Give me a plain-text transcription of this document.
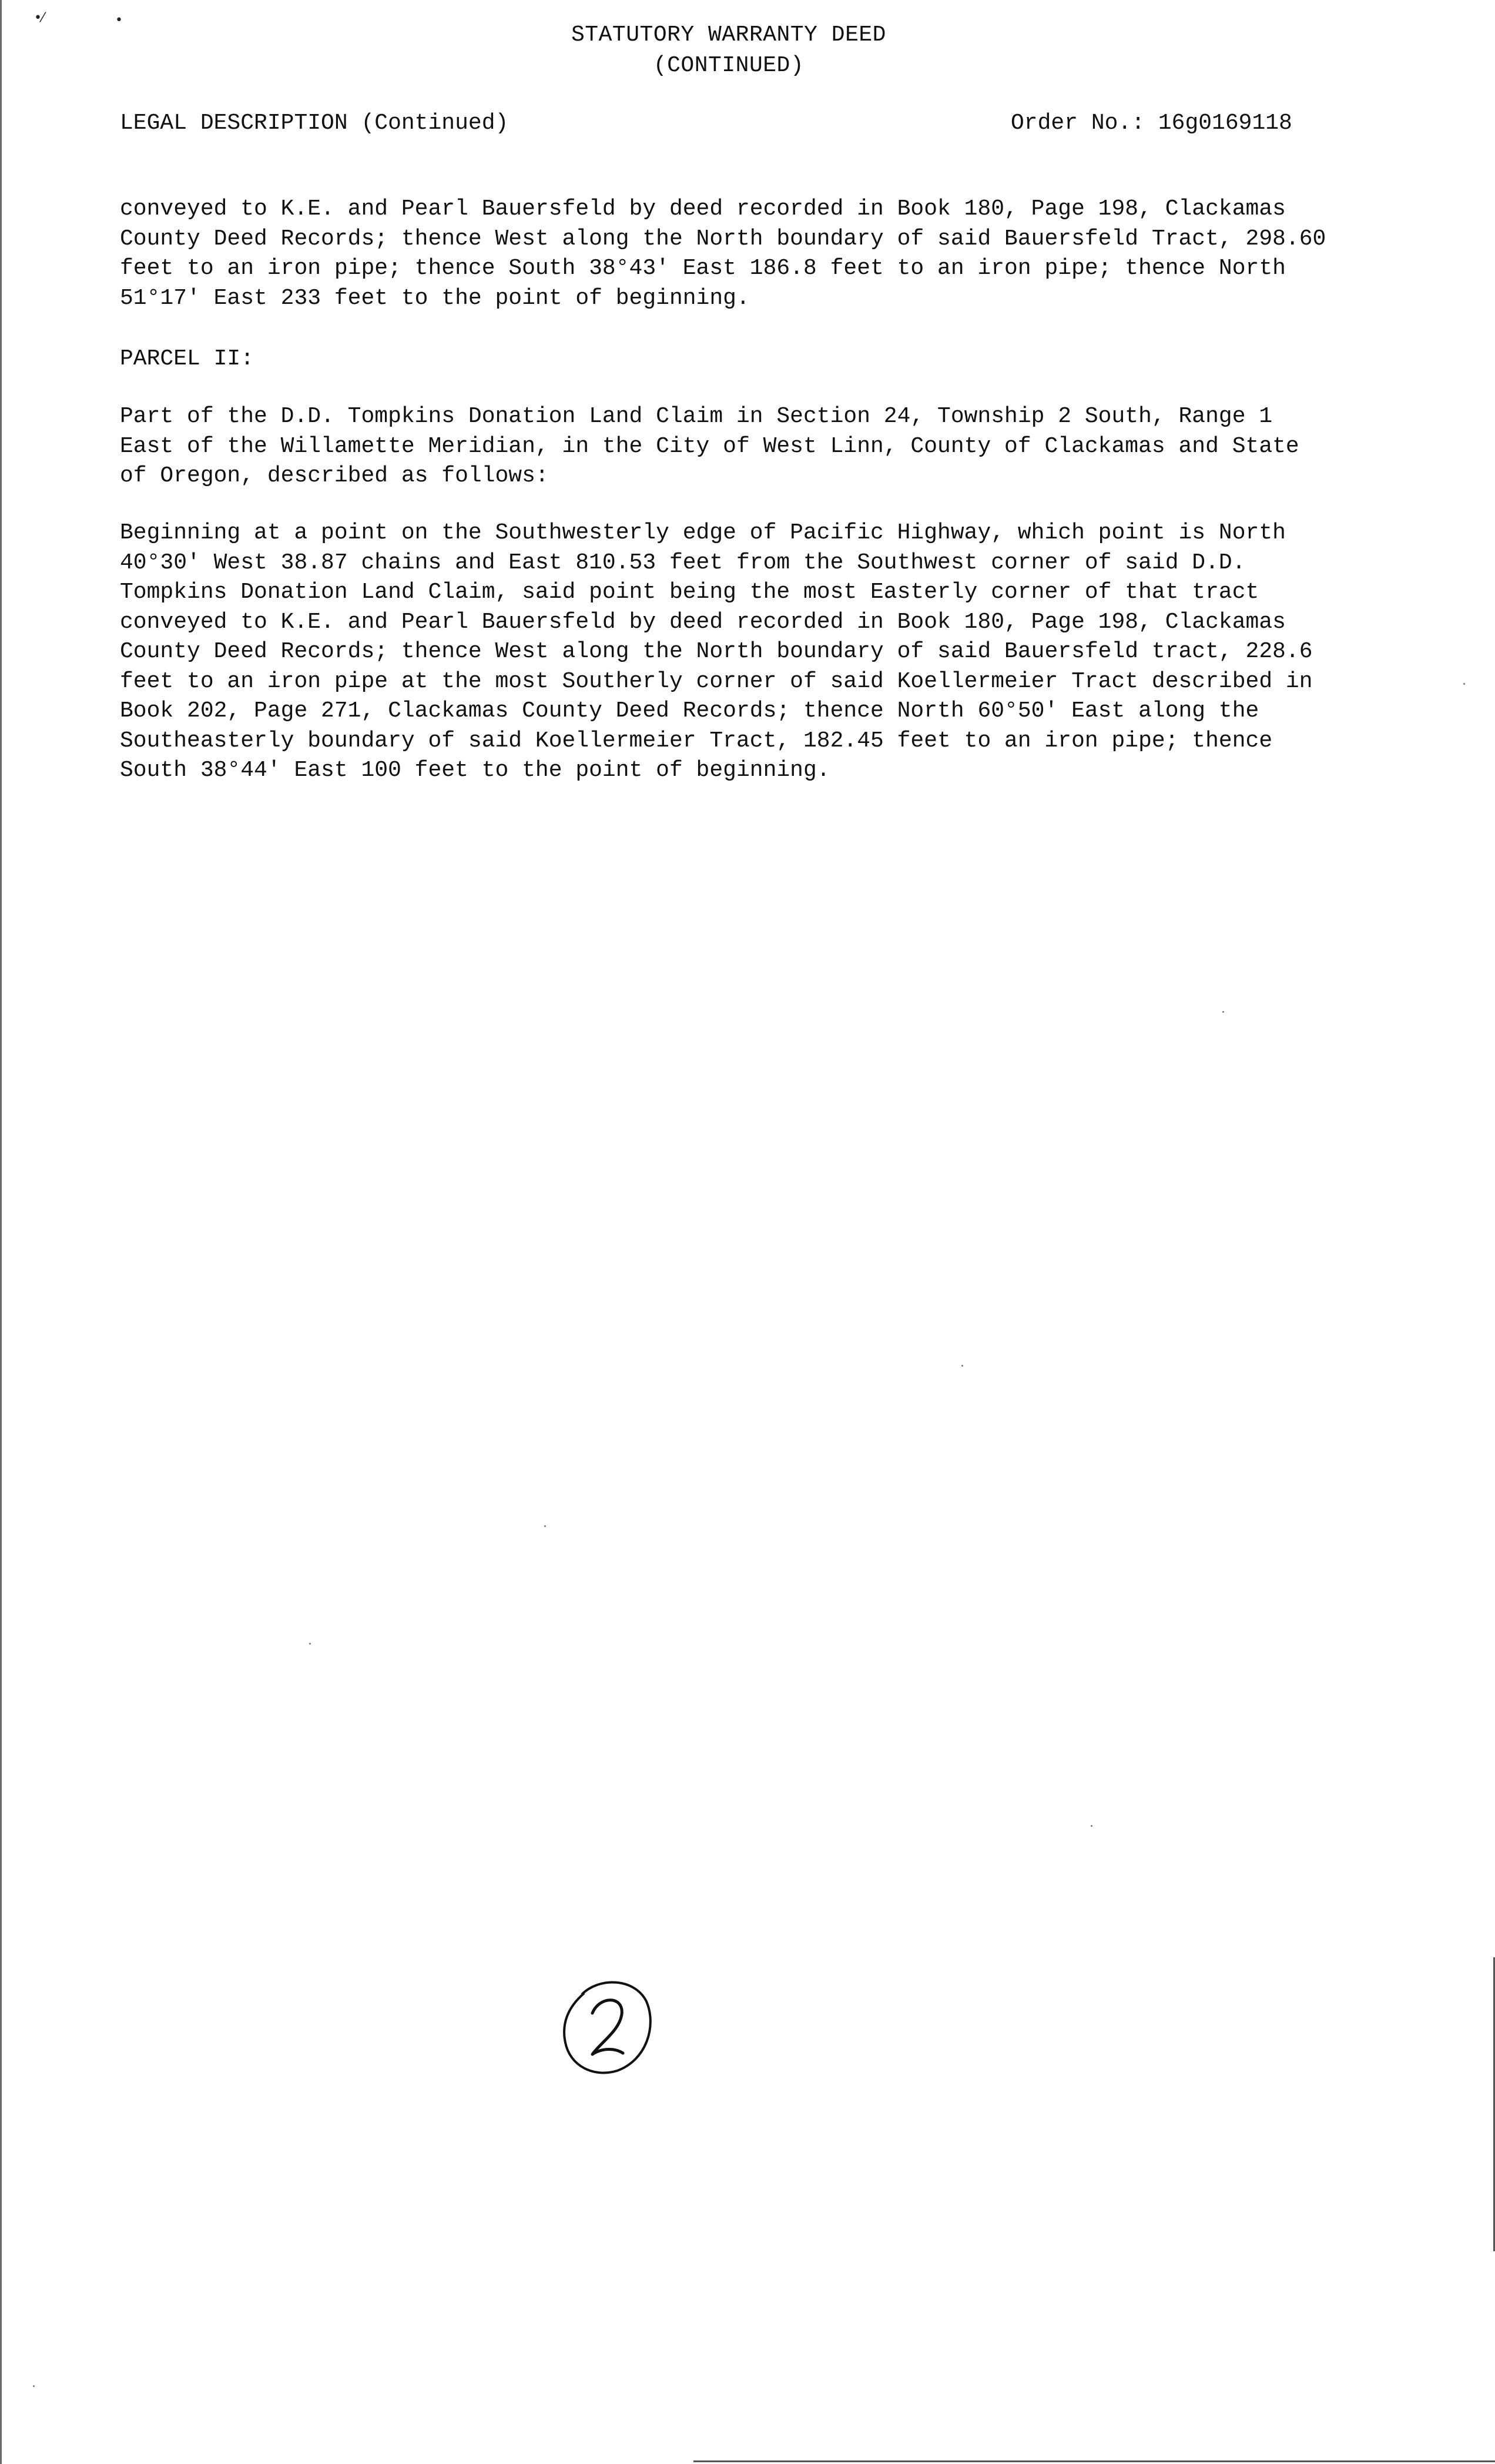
•⁄	•
STATUTORY WARRANTY DEED
(CONTINUED)
LEGAL DESCRIPTION (Continued)	Order No.: 16g0169118
conveyed to K.E. and Pearl Bauersfeld by deed recorded in Book 180, Page 198, Clackamas
County Deed Records; thence West along the North boundary of said Bauersfeld Tract, 298.60
feet to an iron pipe; thence South 38°43′ East 186.8 feet to an iron pipe; thence North
51°17′ East 233 feet to the point of beginning.
PARCEL II:
Part of the D.D. Tompkins Donation Land Claim in Section 24, Township 2 South, Range 1
East of the Willamette Meridian, in the City of West Linn, County of Clackamas and State
of Oregon, described as follows:
Beginning at a point on the Southwesterly edge of Pacific Highway, which point is North
40°30′ West 38.87 chains and East 810.53 feet from the Southwest corner of said D.D.
Tompkins Donation Land Claim, said point being the most Easterly corner of that tract
conveyed to K.E. and Pearl Bauersfeld by deed recorded in Book 180, Page 198, Clackamas
County Deed Records; thence West along the North boundary of said Bauersfeld tract, 228.6
feet to an iron pipe at the most Southerly corner of said Koellermeier Tract described in
Book 202, Page 271, Clackamas County Deed Records; thence North 60°50′ East along the
Southeasterly boundary of said Koellermeier Tract, 182.45 feet to an iron pipe; thence
South 38°44′ East 100 feet to the point of beginning.
